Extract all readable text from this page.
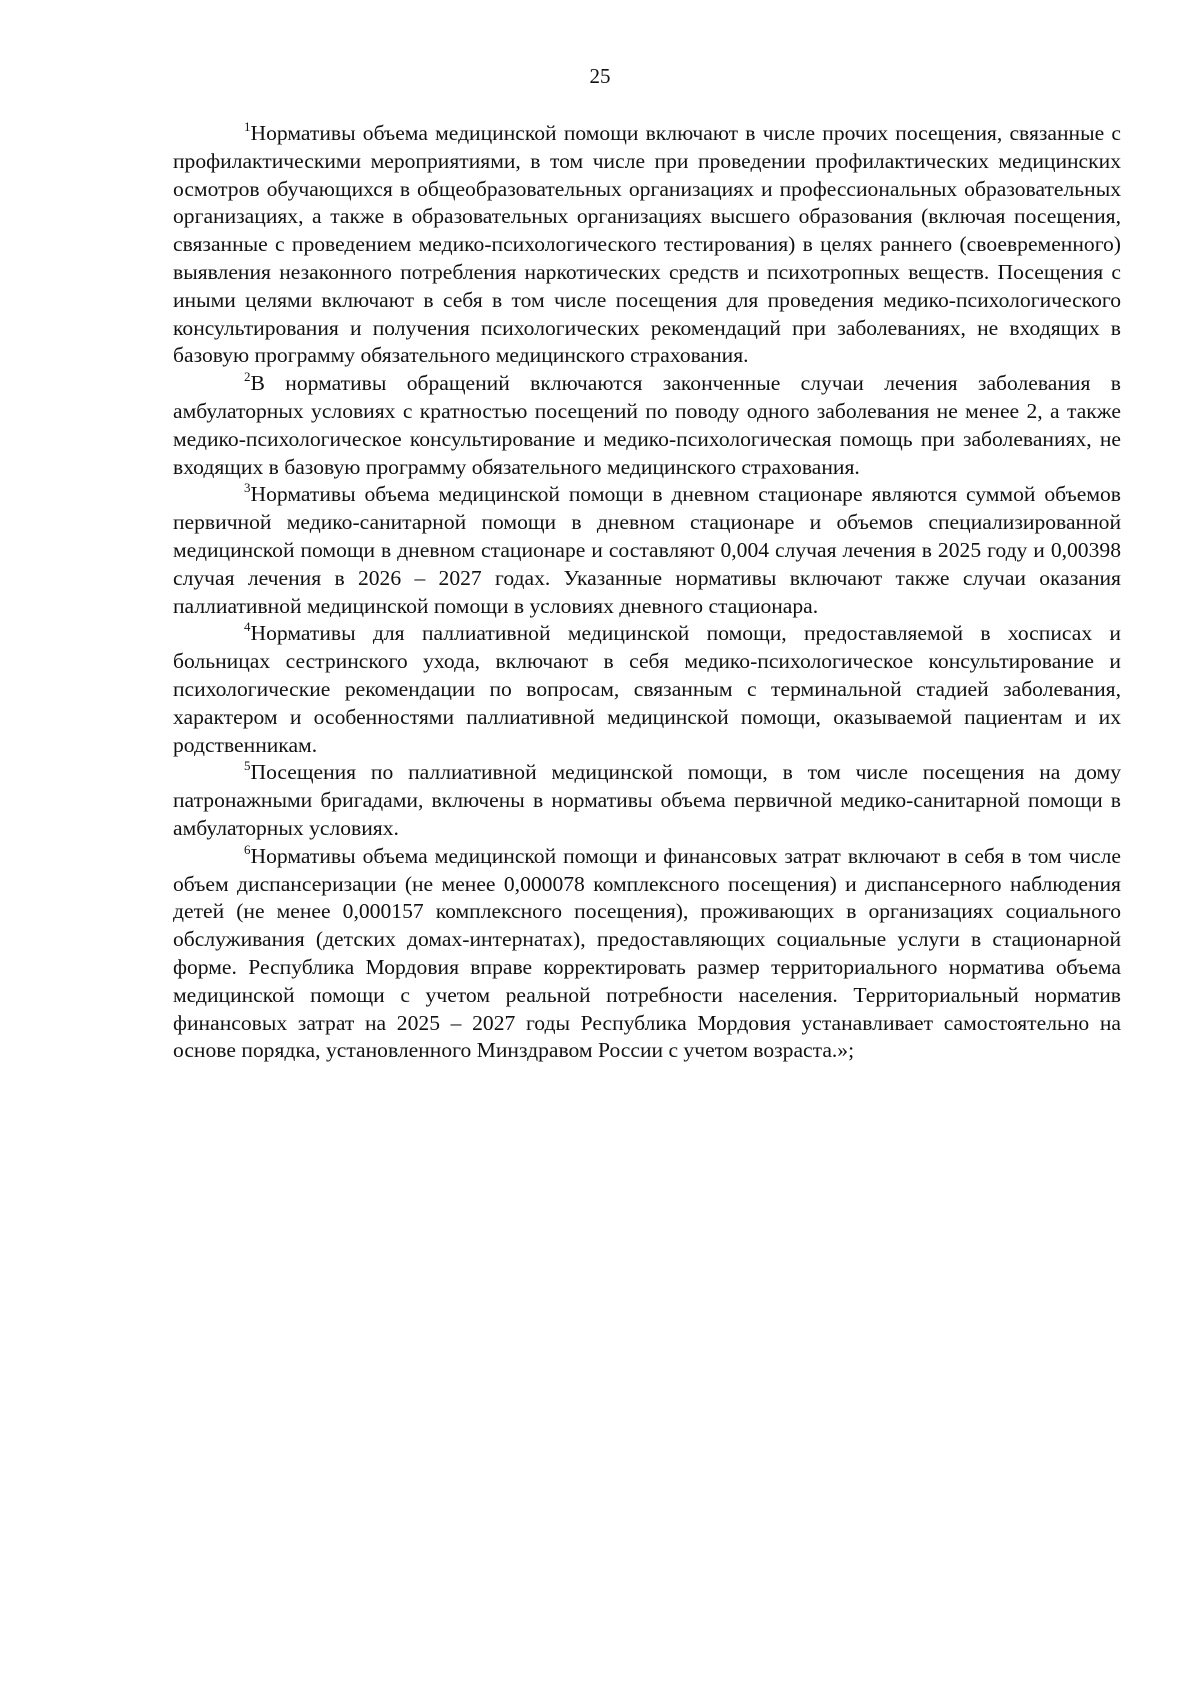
25

$^1$Нормативы объема медицинской помощи включают в числе прочих посещения, связанные с профилактическими мероприятиями, в том числе при проведении профилактических медицинских осмотров обучающихся в общеобразовательных организациях и профессиональных образовательных организациях, а также в образовательных организациях высшего образования (включая посещения, связанные с проведением медико-психологического тестирования) в целях раннего (своевременного) выявления незаконного потребления наркотических средств и психотропных веществ. Посещения с иными целями включают в себя в том числе посещения для проведения медико-психологического консультирования и получения психологических рекомендаций при заболеваниях, не входящих в базовую программу обязательного медицинского страхования.

$^2$В нормативы обращений включаются законченные случаи лечения заболевания в амбулаторных условиях с кратностью посещений по поводу одного заболевания не менее 2, а также медико-психологическое консультирование и медико-психологическая помощь при заболеваниях, не входящих в базовую программу обязательного медицинского страхования.

$^3$Нормативы объема медицинской помощи в дневном стационаре являются суммой объемов первичной медико-санитарной помощи в дневном стационаре и объемов специализированной медицинской помощи в дневном стационаре и составляют 0,004 случая лечения в 2025 году и 0,00398 случая лечения в 2026 – 2027 годах. Указанные нормативы включают также случаи оказания паллиативной медицинской помощи в условиях дневного стационара.

$^4$Нормативы для паллиативной медицинской помощи, предоставляемой в хосписах и больницах сестринского ухода, включают в себя медико-психологическое консультирование и психологические рекомендации по вопросам, связанным с терминальной стадией заболевания, характером и особенностями паллиативной медицинской помощи, оказываемой пациентам и их родственникам.

$^5$Посещения по паллиативной медицинской помощи, в том числе посещения на дому патронажными бригадами, включены в нормативы объема первичной медико-санитарной помощи в амбулаторных условиях.

$^6$Нормативы объема медицинской помощи и финансовых затрат включают в себя в том числе объем диспансеризации (не менее 0,000078 комплексного посещения) и диспансерного наблюдения детей (не менее 0,000157 комплексного посещения), проживающих в организациях социального обслуживания (детских домах-интернатах), предоставляющих социальные услуги в стационарной форме. Республика Мордовия вправе корректировать размер территориального норматива объема медицинской помощи с учетом реальной потребности населения. Территориальный норматив финансовых затрат на 2025 – 2027 годы Республика Мордовия устанавливает самостоятельно на основе порядка, установленного Минздравом России с учетом возраста.»;
